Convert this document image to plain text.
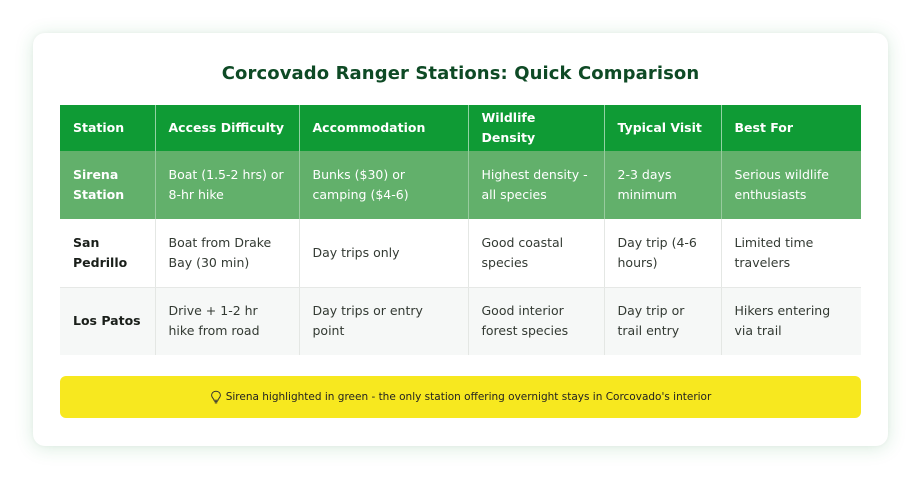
Corcovado Ranger Stations: Quick Comparison
Station	Access Difficulty	Accommodation	Wildlife Density	Typical Visit	Best For
Sirena Station	Boat (1.5-2 hrs) or 8-hr hike	Bunks ($30) or camping ($4-6)	Highest density - all species	2-3 days minimum	Serious wildlife enthusiasts
San Pedrillo	Boat from Drake Bay (30 min)	Day trips only	Good coastal species	Day trip (4-6 hours)	Limited time travelers
Los Patos	Drive + 1-2 hr hike from road	Day trips or entry point	Good interior forest species	Day trip or trail entry	Hikers entering via trail
Sirena highlighted in green - the only station offering overnight stays in Corcovado's interior
